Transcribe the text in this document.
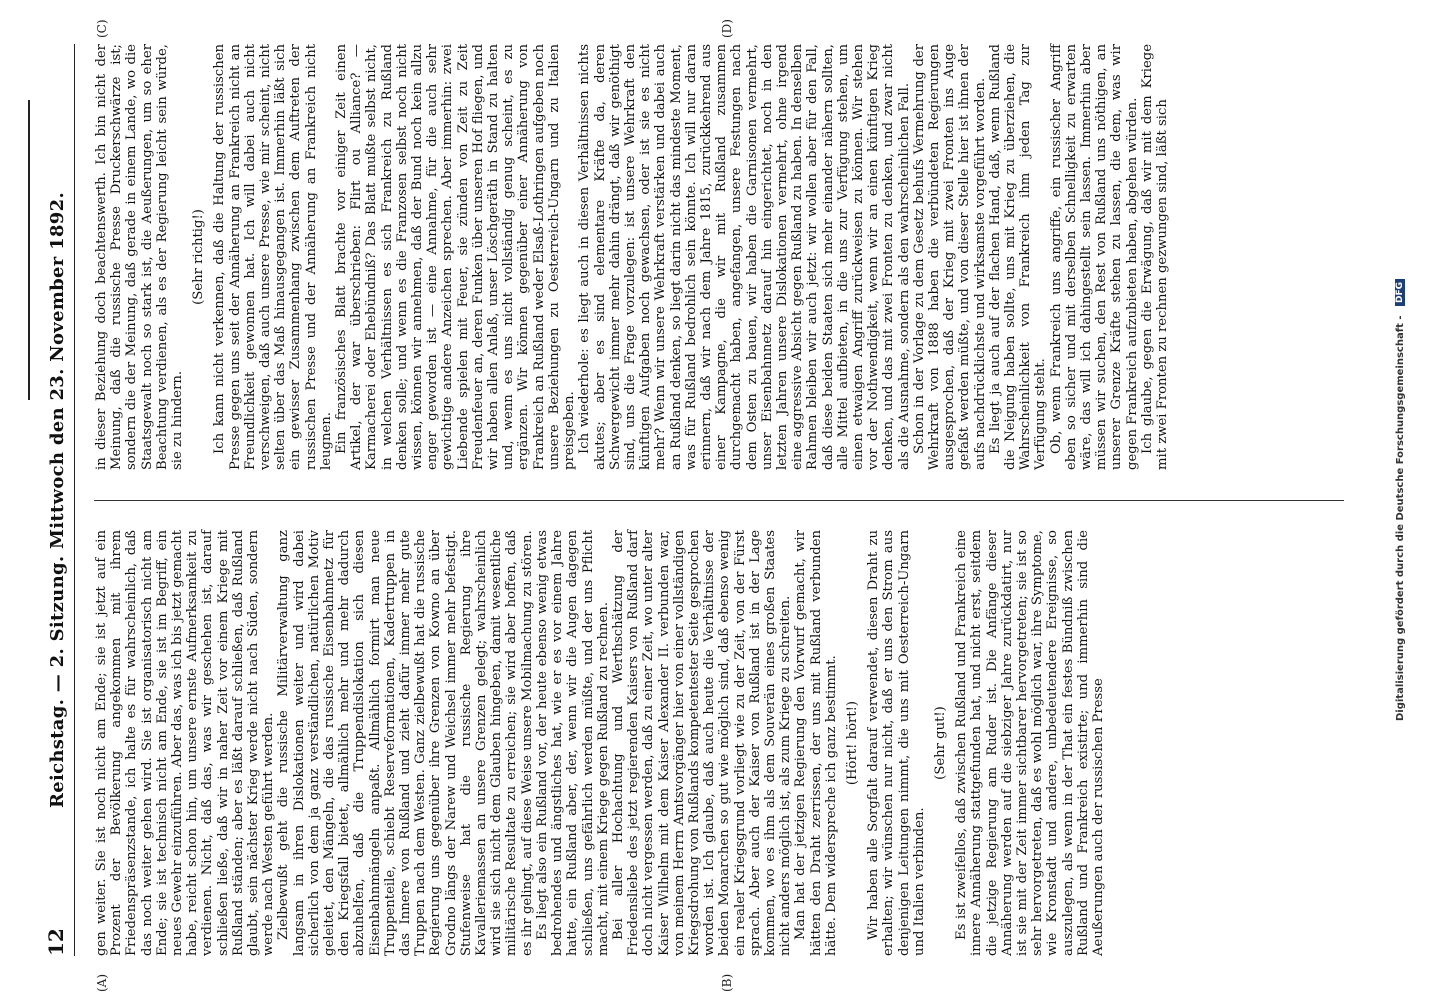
12
Reichstag. — 2. Sitzung. Mittwoch den 23. November 1892.
(A)	(B)
(C)	(D)

gen weiter. Sie ist noch nicht am Ende; sie ist jetzt auf ein Prozent der Bevölkerung angekommen mit ihrem Friedenspräsenzstande, ich halte es für wahrscheinlich, daß das noch weiter gehen wird. Sie ist organisatorisch nicht am Ende; sie ist technisch nicht am Ende, sie ist im Begriff, ein neues Gewehr einzuführen. Aber das, was ich bis jetzt gemacht habe, reicht schon hin, um unsere ernste Aufmerksamkeit zu verdienen. Nicht, daß das, was wir geschehen ist, darauf schließen ließe, daß wir in naher Zeit vor einem Kriege mit Rußland ständen; aber es läßt darauf schließen, daß Rußland glaubt, sein nächster Krieg werde nicht nach Süden, sondern werde nach Westen geführt werden. Zielbewußt geht die russische Militärverwaltung ganz langsam in ihren Dislokationen weiter und wird dabei sicherlich von dem ja ganz verständlichen, natürlichen Motiv geleitet, den Mängeln, die das russische Eisenbahnnetz für den Kriegsfall bietet, allmählich mehr und mehr dadurch abzuhelfen, daß die Truppendislokation sich diesen Eisenbahnmängeln anpaßt. Allmählich formirt man neue Truppenteile, schiebt Reserveformationen, Kadertruppen in das Innere von Rußland und zieht dafür immer mehr gute Truppen nach dem Westen. Ganz zielbewußt hat die russische Regierung uns gegenüber ihre Grenzen von Kowno an über Grodno längs der Narew und Weichsel immer mehr befestigt. Stufenweise hat die russische Regierung ihre Kavalleriemassen an unsere Grenzen gelegt; wahrscheinlich wird sie sich nicht dem Glauben hingeben, damit wesentliche militärische Resultate zu erreichen; sie wird aber hoffen, daß es ihr gelingt, auf diese Weise unsere Mobilmachung zu stören. Es liegt also ein Rußland vor, der heute ebenso wenig etwas bedrohendes und ängstliches hat, wie er es vor einem Jahre hatte, ein Rußland aber, der, wenn wir die Augen dagegen schließen, uns gefährlich werden müßte, und der uns Pflicht macht, mit einem Kriege gegen Rußland zu rechnen. Bei aller Hochachtung und Werthschätzung der Friedensliebe des jetzt regierenden Kaisers von Rußland darf doch nicht vergessen werden, daß zu einer Zeit, wo unter alter Kaiser Wilhelm mit dem Kaiser Alexander II. verbunden war, von meinem Herrn Amtsvorgänger hier von einer vollständigen Kriegsdrohung von Rußlands kompetentester Seite gesprochen worden ist. Ich glaube, daß auch heute die Verhältnisse der beiden Monarchen so gut wie möglich sind, daß ebenso wenig ein realer Kriegsgrund vorliegt wie zu der Zeit, von der Fürst sprach. Aber auch der Kaiser von Rußland ist in der Lage kommen, wo es ihm als dem Souverän eines großen Staates nicht anders möglich ist, als zum Kriege zu schreiten. Man hat der jetzigen Regierung den Vorwurf gemacht, wir hätten den Draht zerrissen, der uns mit Rußland verbunden hätte. Dem widerspreche ich ganz bestimmt. (Hört! hört!) Wir haben alle Sorgfalt darauf verwendet, diesen Draht zu erhalten; wir wünschen nur nicht, daß er uns den Strom aus denjenigen Leitungen nimmt, die uns mit Oesterreich-Ungarn und Italien verbinden.

(Sehr gut!) Es ist zweifellos, daß zwischen Rußland und Frankreich eine innere Annäherung stattgefunden hat, und nicht erst, seitdem die jetzige Regierung am Ruder ist. Die Anfänge dieser Annäherung werden auf die siebziger Jahre zurückdatirt, nur ist sie mit der Zeit immer sichtbarer hervorgetreten; sie ist so sehr hervorgetreten, daß es wohl möglich war, ihre Symptome, wie Kronstadt und andere, unbedeutendere Ereignisse, so auszulegen, als wenn in der That ein festes Bündniß zwischen Rußland und Frankreich existirte; und immerhin sind die Aeußerungen auch der russischen Presse

in dieser Beziehung doch beachtenswerth. Ich bin nicht der Meinung, daß die russische Presse Druckerschwärze ist; sondern die der Meinung, daß gerade in einem Lande, wo die Staatsgewalt noch so stark ist, die Aeußerungen, um so eher Beachtung verdienen, als es der Regierung leicht sein würde, sie zu hindern.

(Sehr richtig!) Ich kann nicht verkennen, daß die Haltung der russischen Presse gegen uns seit der Annäherung an Frankreich nicht an Freundlichkeit gewonnen hat. Ich will dabei auch nicht verschweigen, daß auch unsere Presse, wie mir scheint, nicht selten über das Maß hinausgegangen ist. Immerhin läßt sich ein gewisser Zusammenhang zwischen dem Auftreten der russischen Presse und der Annäherung an Frankreich nicht leugnen. Ein französisches Blatt brachte vor einiger Zeit einen Artikel, der war überschrieben: Flirt ou Alliance? — Karmacherei oder Ehebündniß? Das Blatt mußte selbst nicht, in welchen Verhältnissen es sich Frankreich zu Rußland denken solle; und wenn es die Franzosen selbst noch nicht wissen, können wir annehmen, daß der Bund noch kein allzu enger geworden ist — eine Annahme, für die auch sehr gewichtige andere Anzeichen sprechen. Aber immerhin: zwei Liebende spielen mit Feuer, sie zünden von Zeit zu Zeit Freudenfeuer an, deren Funken über unseren Hof fliegen, und wir haben allen Anlaß, unser Löschgeräth in Stand zu halten und, wenn es uns nicht vollständig genug scheint, es zu ergänzen. Wir können gegenüber einer Annäherung von Frankreich an Rußland weder Elsaß-Lothringen aufgeben noch unsere Beziehungen zu Oesterreich-Ungarn und zu Italien preisgeben. Ich wiederhole: es liegt auch in diesen Verhältnissen nichts akutes; aber es sind elementare Kräfte da, deren Schwergewicht immer mehr dahin drängt, daß wir genöthigt sind, uns die Frage vorzulegen: ist unsere Wehrkraft den künftigen Aufgaben noch gewachsen, oder ist sie es nicht mehr? Wenn wir unsere Wehrkraft verstärken und dabei auch an Rußland denken, so liegt darin nicht das mindeste Moment, was für Rußland bedrohlich sein könnte. Ich will nur daran erinnern, daß wir nach dem Jahre 1815, zurückkehrend aus einer Kampagne, die wir mit Rußland zusammen durchgemacht haben, angefangen, unsere Festungen nach dem Osten zu bauen, wir haben die Garnisonen vermehrt, unser Eisenbahnnetz darauf hin eingerichtet, noch in den letzten Jahren unsere Dislokationen vermehrt, ohne irgend eine aggressive Absicht gegen Rußland zu haben. In denselben Rahmen bleiben wir auch jetzt: wir wollen aber für den Fall, daß diese beiden Staaten sich mehr einander nähern sollten, alle Mittel aufbieten, in die uns zur Verfügung stehen, um einen etwaigen Angriff zurückweisen zu können. Wir stehen vor der Nothwendigkeit, wenn wir an einen künftigen Krieg denken, und das mit zwei Fronten zu denken, und zwar nicht als die Ausnahme, sondern als den wahrscheinlichen Fall. Schon in der Vorlage zu dem Gesetz behufs Vermehrung der Wehrkraft von 1888 haben die verbündeten Regierungen ausgesprochen, daß der Krieg mit zwei Fronten ins Auge gefaßt werden müßte, und von dieser Stelle hier ist ihnen der aufs nachdrücklichste und wirksamste vorgeführt worden. Es liegt ja auch auf der flachen Hand, daß, wenn Rußland die Neigung haben sollte, uns mit Krieg zu überziehen, die Wahrscheinlichkeit von Frankreich ihm jeden Tag zur Verfügung steht. Ob, wenn Frankreich uns angriffe, ein russischer Angriff eben so sicher und mit derselben Schnelligkeit zu erwarten wäre, das will ich dahingestellt sein lassen. Immerhin aber müssen wir suchen, den Rest von Rußland uns nöthigen, an unserer Grenze Kräfte stehen zu lassen, die dem, was wir gegen Frankreich aufzubieten haben, abgehen würden. Ich glaube, gegen die Erwägung, daß wir mit dem Kriege mit zwei Fronten zu rechnen gezwungen sind, läßt sich

Digitalisierung gefördert durch die Deutsche Forschungsgemeinschaft - DFG
